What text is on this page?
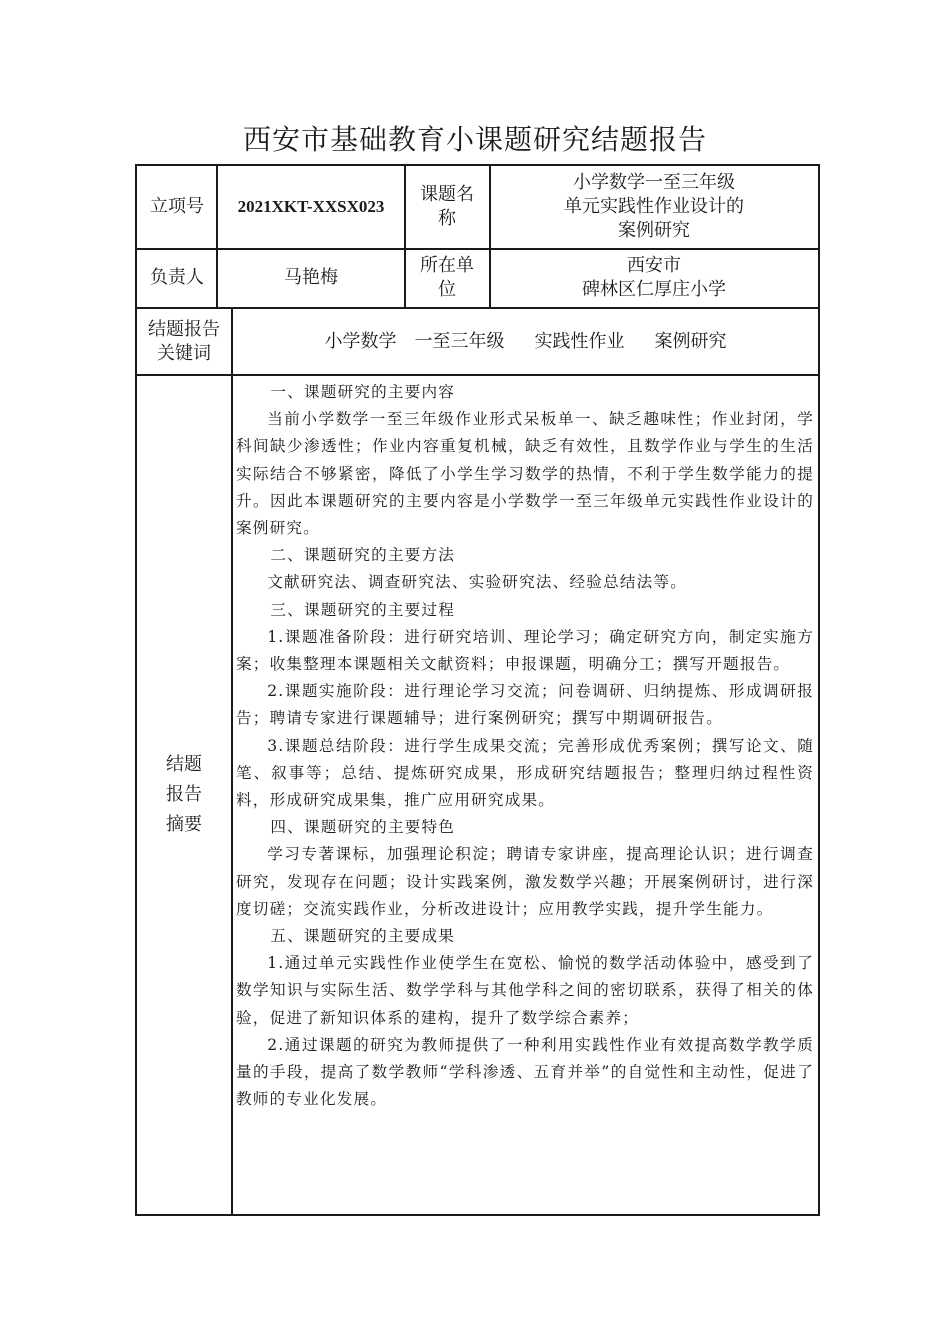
西安市基础教育小课题研究结题报告
立项号 2021XKT-XXSX023
课题名
称
小学数学一至三年级
单元实践性作业设计的
案例研究
负责人	马艳梅
所在单
位
西安市
碑林区仁厚庄小学
结题报告
关键词
小学数学 一至三年级 实践性作业 案例研究
结题
报告
摘要

一、课题研究的主要内容

当前小学数学一至三年级作业形式呆板单一、缺乏趣味性；作业封闭，学科间缺少渗透性；作业内容重复机械，缺乏有效性，且数学作业与学生的生活实际结合不够紧密，降低了小学生学习数学的热情，不利于学生数学能力的提升。因此本课题研究的主要内容是小学数学一至三年级单元实践性作业设计的案例研究。

二、课题研究的主要方法

文献研究法、调查研究法、实验研究法、经验总结法等。

三、课题研究的主要过程

1.课题准备阶段：进行研究培训、理论学习；确定研究方向，制定实施方案；收集整理本课题相关文献资料；申报课题，明确分工；撰写开题报告。

2.课题实施阶段：进行理论学习交流；问卷调研、归纳提炼、形成调研报告；聘请专家进行课题辅导；进行案例研究；撰写中期调研报告。

3.课题总结阶段：进行学生成果交流；完善形成优秀案例；撰写论文、随笔、叙事等；总结、提炼研究成果，形成研究结题报告；整理归纳过程性资料，形成研究成果集，推广应用研究成果。

四、课题研究的主要特色

学习专著课标，加强理论积淀；聘请专家讲座，提高理论认识；进行调查研究，发现存在问题；设计实践案例，激发数学兴趣；开展案例研讨，进行深度切磋；交流实践作业，分析改进设计；应用教学实践，提升学生能力。

五、课题研究的主要成果

1.通过单元实践性作业使学生在宽松、愉悦的数学活动体验中，感受到了数学知识与实际生活、数学学科与其他学科之间的密切联系，获得了相关的体验，促进了新知识体系的建构，提升了数学综合素养；

2.通过课题的研究为教师提供了一种利用实践性作业有效提高数学教学质量的手段，提高了数学教师“学科渗透、五育并举”的自觉性和主动性，促进了教师的专业化发展。
